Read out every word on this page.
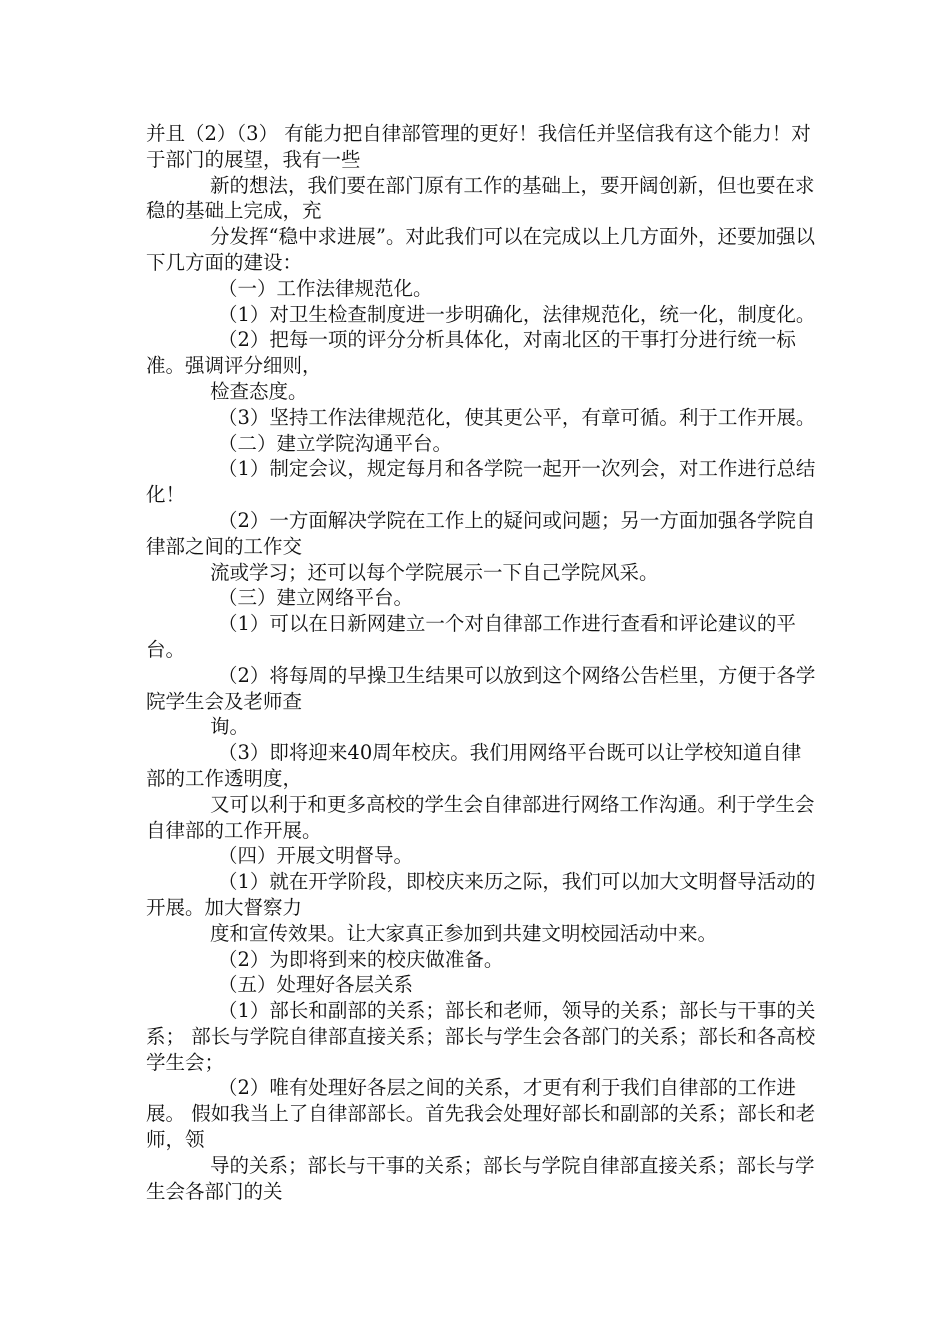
并且（2）（3） 有能力把自律部管理的更好！我信任并坚信我有这个能力！对于部门的展望，我有一些

新的想法，我们要在部门原有工作的基础上，要开阔创新，但也要在求稳的基础上完成，充

分发挥“稳中求进展”。对此我们可以在完成以上几方面外，还要加强以下几方面的建设：

（一）工作法律规范化。

（1）对卫生检查制度进一步明确化，法律规范化，统一化，制度化。

（2）把每一项的评分分析具体化，对南北区的干事打分进行统一标准。强调评分细则，

检查态度。

（3）坚持工作法律规范化，使其更公平，有章可循。利于工作开展。

（二）建立学院沟通平台。

（1）制定会议，规定每月和各学院一起开一次列会，对工作进行总结化！

（2）一方面解决学院在工作上的疑问或问题；另一方面加强各学院自律部之间的工作交

流或学习；还可以每个学院展示一下自己学院风采。

（三）建立网络平台。

（1）可以在日新网建立一个对自律部工作进行查看和评论建议的平台。

（2）将每周的早操卫生结果可以放到这个网络公告栏里，方便于各学院学生会及老师查

询。

（3）即将迎来40周年校庆。我们用网络平台既可以让学校知道自律部的工作透明度，

又可以利于和更多高校的学生会自律部进行网络工作沟通。利于学生会自律部的工作开展。

（四）开展文明督导。

（1）就在开学阶段，即校庆来历之际，我们可以加大文明督导活动的开展。加大督察力

度和宣传效果。让大家真正参加到共建文明校园活动中来。

（2）为即将到来的校庆做准备。

（五）处理好各层关系

（1）部长和副部的关系；部长和老师，领导的关系；部长与干事的关系； 部长与学院自律部直接关系；部长与学生会各部门的关系；部长和各高校学生会；

（2）唯有处理好各层之间的关系，才更有利于我们自律部的工作进展。 假如我当上了自律部部长。首先我会处理好部长和副部的关系；部长和老师，领

导的关系；部长与干事的关系；部长与学院自律部直接关系；部长与学生会各部门的关
